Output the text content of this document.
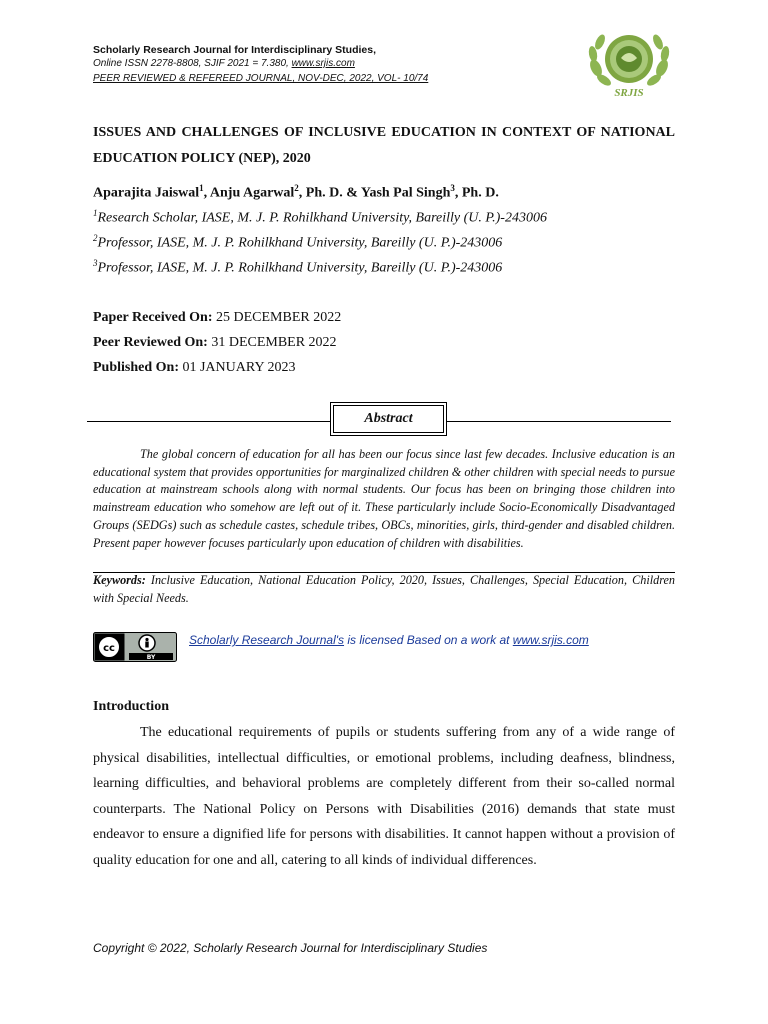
Scholarly Research Journal for Interdisciplinary Studies,
Online ISSN 2278-8808, SJIF 2021 = 7.380, www.srjis.com
PEER REVIEWED & REFEREED JOURNAL, NOV-DEC, 2022, VOL- 10/74
SRJIS
ISSUES AND CHALLENGES OF INCLUSIVE EDUCATION IN CONTEXT OF NATIONAL EDUCATION POLICY (NEP), 2020
Aparajita Jaiswal$^1$, Anju Agarwal$^2$, Ph. D. & Yash Pal Singh$^3$, Ph. D.
$^1$Research Scholar, IASE, M. J. P. Rohilkhand University, Bareilly (U. P.)-243006
$^2$Professor, IASE, M. J. P. Rohilkhand University, Bareilly (U. P.)-243006
$^3$Professor, IASE, M. J. P. Rohilkhand University, Bareilly (U. P.)-243006
Paper Received On: 25 DECEMBER 2022
Peer Reviewed On: 31 DECEMBER 2022
Published On: 01 JANUARY 2023
Abstract
The global concern of education for all has been our focus since last few decades. Inclusive education is an educational system that provides opportunities for marginalized children & other children with special needs to pursue education at mainstream schools along with normal students. Our focus has been on bringing those children into mainstream education who somehow are left out of it. These particularly include Socio-Economically Disadvantaged Groups (SEDGs) such as schedule castes, schedule tribes, OBCs, minorities, girls, third-gender and disabled children. Present paper however focuses particularly upon education of children with disabilities.
Keywords: Inclusive Education, National Education Policy, 2020, Issues, Challenges, Special Education, Children with Special Needs.
cc
BY
Scholarly Research Journal's is licensed Based on a work at www.srjis.com
Introduction
The educational requirements of pupils or students suffering from any of a wide range of physical disabilities, intellectual difficulties, or emotional problems, including deafness, blindness, learning difficulties, and behavioral problems are completely different from their so-called normal counterparts. The National Policy on Persons with Disabilities (2016) demands that state must endeavor to ensure a dignified life for persons with disabilities. It cannot happen without a provision of quality education for one and all, catering to all kinds of individual differences.
Copyright © 2022, Scholarly Research Journal for Interdisciplinary Studies
